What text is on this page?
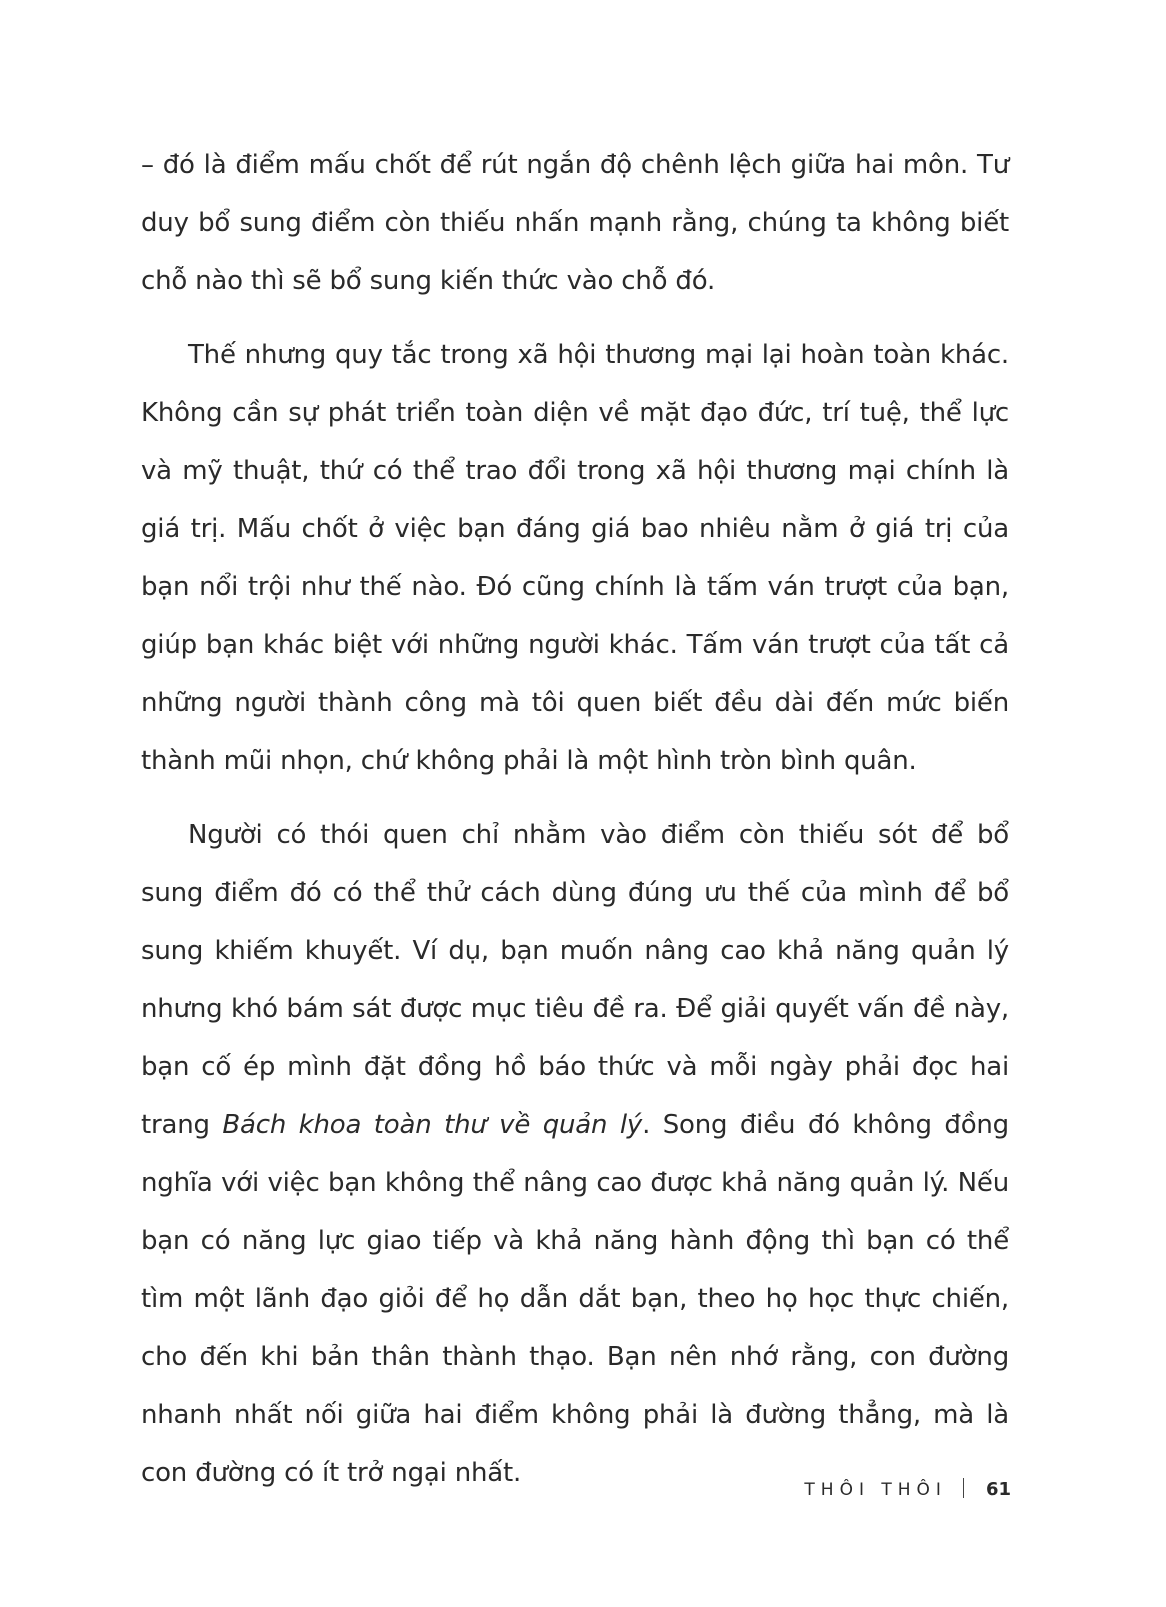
– đó là điểm mấu chốt để rút ngắn độ chênh lệch giữa hai môn. Tư duy bổ sung điểm còn thiếu nhấn mạnh rằng, chúng ta không biết chỗ nào thì sẽ bổ sung kiến thức vào chỗ đó.

Thế nhưng quy tắc trong xã hội thương mại lại hoàn toàn khác. Không cần sự phát triển toàn diện về mặt đạo đức, trí tuệ, thể lực và mỹ thuật, thứ có thể trao đổi trong xã hội thương mại chính là giá trị. Mấu chốt ở việc bạn đáng giá bao nhiêu nằm ở giá trị của bạn nổi trội như thế nào. Đó cũng chính là tấm ván trượt của bạn, giúp bạn khác biệt với những người khác. Tấm ván trượt của tất cả những người thành công mà tôi quen biết đều dài đến mức biến thành mũi nhọn, chứ không phải là một hình tròn bình quân.

Người có thói quen chỉ nhằm vào điểm còn thiếu sót để bổ sung điểm đó có thể thử cách dùng đúng ưu thế của mình để bổ sung khiếm khuyết. Ví dụ, bạn muốn nâng cao khả năng quản lý nhưng khó bám sát được mục tiêu đề ra. Để giải quyết vấn đề này, bạn cố ép mình đặt đồng hồ báo thức và mỗi ngày phải đọc hai trang Bách khoa toàn thư về quản lý. Song điều đó không đồng nghĩa với việc bạn không thể nâng cao được khả năng quản lý. Nếu bạn có năng lực giao tiếp và khả năng hành động thì bạn có thể tìm một lãnh đạo giỏi để họ dẫn dắt bạn, theo họ học thực chiến, cho đến khi bản thân thành thạo. Bạn nên nhớ rằng, con đường nhanh nhất nối giữa hai điểm không phải là đường thẳng, mà là con đường có ít trở ngại nhất.

THÔI THÔI 61
